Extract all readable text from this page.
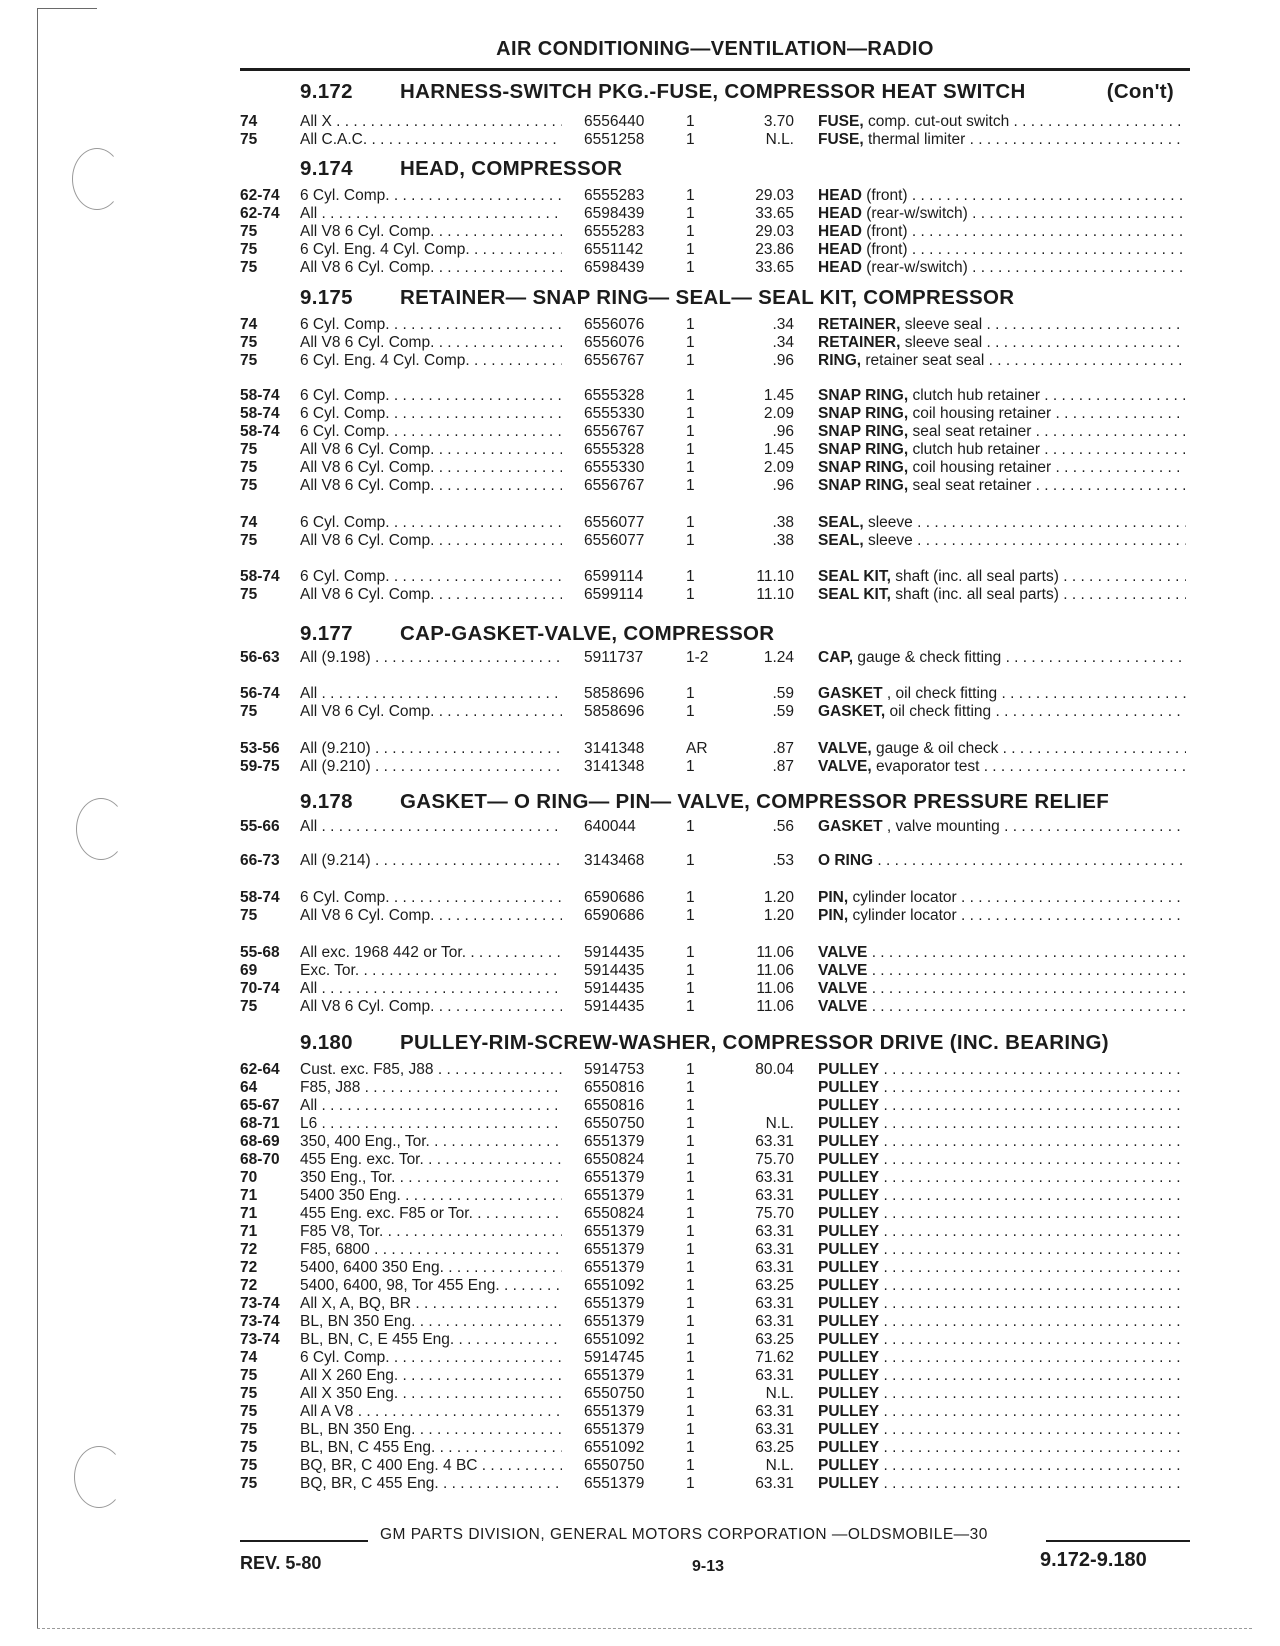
AIR CONDITIONING—VENTILATION—RADIO
9.172 HARNESS-SWITCH PKG.-FUSE, COMPRESSOR HEAT SWITCH	(Con't)
74	All X . . .	6556440	1	3.70 FUSE, comp. cut-out switch . . .
75	All C.A.C. . . .	6551258	1	N.L. FUSE, thermal limiter . . .
9.174 HEAD, COMPRESSOR
62-74 6 Cyl. Comp. . . .	6555283	1	29.03 HEAD (front) . . .
62-74 All . . .	6598439	1	33.65 HEAD (rear-w/switch) . . .
75	All V8 6 Cyl. Comp. . . .	6555283	1	29.03 HEAD (front) . . .
75	6 Cyl. Eng. 4 Cyl. Comp. . . .	6551142	1	23.86 HEAD (front) . . .
75	All V8 6 Cyl. Comp. . . .	6598439	1	33.65 HEAD (rear-w/switch) . . .
9.175 RETAINER— SNAP RING— SEAL— SEAL KIT, COMPRESSOR
74	6 Cyl. Comp. . . .	6556076	1	.34 RETAINER, sleeve seal . . .
75	All V8 6 Cyl. Comp. . . .	6556076	1	.34 RETAINER, sleeve seal . . .
75	6 Cyl. Eng. 4 Cyl. Comp. . . .	6556767	1	.96 RING, retainer seat seal . . .
58-74 6 Cyl. Comp. . . .	6555328	1	1.45 SNAP RING, clutch hub retainer . . .
58-74 6 Cyl. Comp. . . .	6555330	1	2.09 SNAP RING, coil housing retainer . . .
58-74 6 Cyl. Comp. . . .	6556767	1	.96 SNAP RING, seal seat retainer . . .
75	All V8 6 Cyl. Comp. . . .	6555328	1	1.45 SNAP RING, clutch hub retainer . . .
75	All V8 6 Cyl. Comp. . . .	6555330	1	2.09 SNAP RING, coil housing retainer . . .
75	All V8 6 Cyl. Comp. . . .	6556767	1	.96 SNAP RING, seal seat retainer . . .
74	6 Cyl. Comp. . . .	6556077	1	.38 SEAL, sleeve . . .
75	All V8 6 Cyl. Comp. . . .	6556077	1	.38 SEAL, sleeve . . .
58-74 6 Cyl. Comp. . . .	6599114	1	11.10 SEAL KIT, shaft (inc. all seal parts) . . .
75	All V8 6 Cyl. Comp. . . .	6599114	1	11.10 SEAL KIT, shaft (inc. all seal parts) . . .
9.177 CAP-GASKET-VALVE, COMPRESSOR
56-63 All (9.198) . . .	5911737	1-2	1.24 CAP, gauge & check fitting . . .
56-74 All . . .	5858696	1	.59 GASKET , oil check fitting . . .
75	All V8 6 Cyl. Comp. . . .	5858696	1	.59 GASKET, oil check fitting . . .
53-56 All (9.210) . . .	3141348	AR	.87 VALVE, gauge & oil check . . .
59-75 All (9.210) . . .	3141348	1	.87 VALVE, evaporator test . . .
9.178 GASKET— O RING— PIN— VALVE, COMPRESSOR PRESSURE RELIEF
55-66 All . . .	640044	1	.56 GASKET , valve mounting . . .
66-73 All (9.214) . . .	3143468	1	.53 O RING . . .
58-74 6 Cyl. Comp. . . .	6590686	1	1.20 PIN, cylinder locator . . .
75	All V8 6 Cyl. Comp. . . .	6590686	1	1.20 PIN, cylinder locator . . .
55-68 All exc. 1968 442 or Tor. . . .	5914435	1	11.06 VALVE . . .
69	Exc. Tor. . . .	5914435	1	11.06 VALVE . . .
70-74 All . . .	5914435	1	11.06 VALVE . . .
75	All V8 6 Cyl. Comp. . . .	5914435	1	11.06 VALVE . . .
9.180 PULLEY-RIM-SCREW-WASHER, COMPRESSOR DRIVE (INC. BEARING)
62-64 Cust. exc. F85, J88 . . .	5914753	1	80.04 PULLEY . . .
64	F85, J88 . . .	6550816	1	PULLEY . . .
65-67 All . . .	6550816	1	PULLEY . . .
68-71 L6 . . .	6550750	1	N.L. PULLEY . . .
68-69 350, 400 Eng., Tor. . . .	6551379	1	63.31 PULLEY . . .
68-70 455 Eng. exc. Tor. . . .	6550824	1	75.70 PULLEY . . .
70	350 Eng., Tor. . . .	6551379	1	63.31 PULLEY . . .
71	5400 350 Eng. . . .	6551379	1	63.31 PULLEY . . .
71	455 Eng. exc. F85 or Tor. . . .	6550824	1	75.70 PULLEY . . .
71	F85 V8, Tor. . . .	6551379	1	63.31 PULLEY . . .
72	F85, 6800 . . .	6551379	1	63.31 PULLEY . . .
72	5400, 6400 350 Eng. . . .	6551379	1	63.31 PULLEY . . .
72	5400, 6400, 98, Tor 455 Eng. . . .	6551092	1	63.25 PULLEY . . .
73-74 All X, A, BQ, BR . . .	6551379	1	63.31 PULLEY . . .
73-74 BL, BN 350 Eng. . . .	6551379	1	63.31 PULLEY . . .
73-74 BL, BN, C, E 455 Eng. . . .	6551092	1	63.25 PULLEY . . .
74	6 Cyl. Comp. . . .	5914745	1	71.62 PULLEY . . .
75	All X 260 Eng. . . .	6551379	1	63.31 PULLEY . . .
75	All X 350 Eng. . . .	6550750	1	N.L. PULLEY . . .
75	All A V8 . . .	6551379	1	63.31 PULLEY . . .
75	BL, BN 350 Eng. . . .	6551379	1	63.31 PULLEY . . .
75	BL, BN, C 455 Eng. . . .	6551092	1	63.25 PULLEY . . .
75	BQ, BR, C 400 Eng. 4 BC . . .	6550750	1	N.L. PULLEY . . .
75	BQ, BR, C 455 Eng. . . .	6551379	1	63.31 PULLEY . . .
GM PARTS DIVISION, GENERAL MOTORS CORPORATION —OLDSMOBILE—30
REV. 5-80	9-13	9.172-9.180
